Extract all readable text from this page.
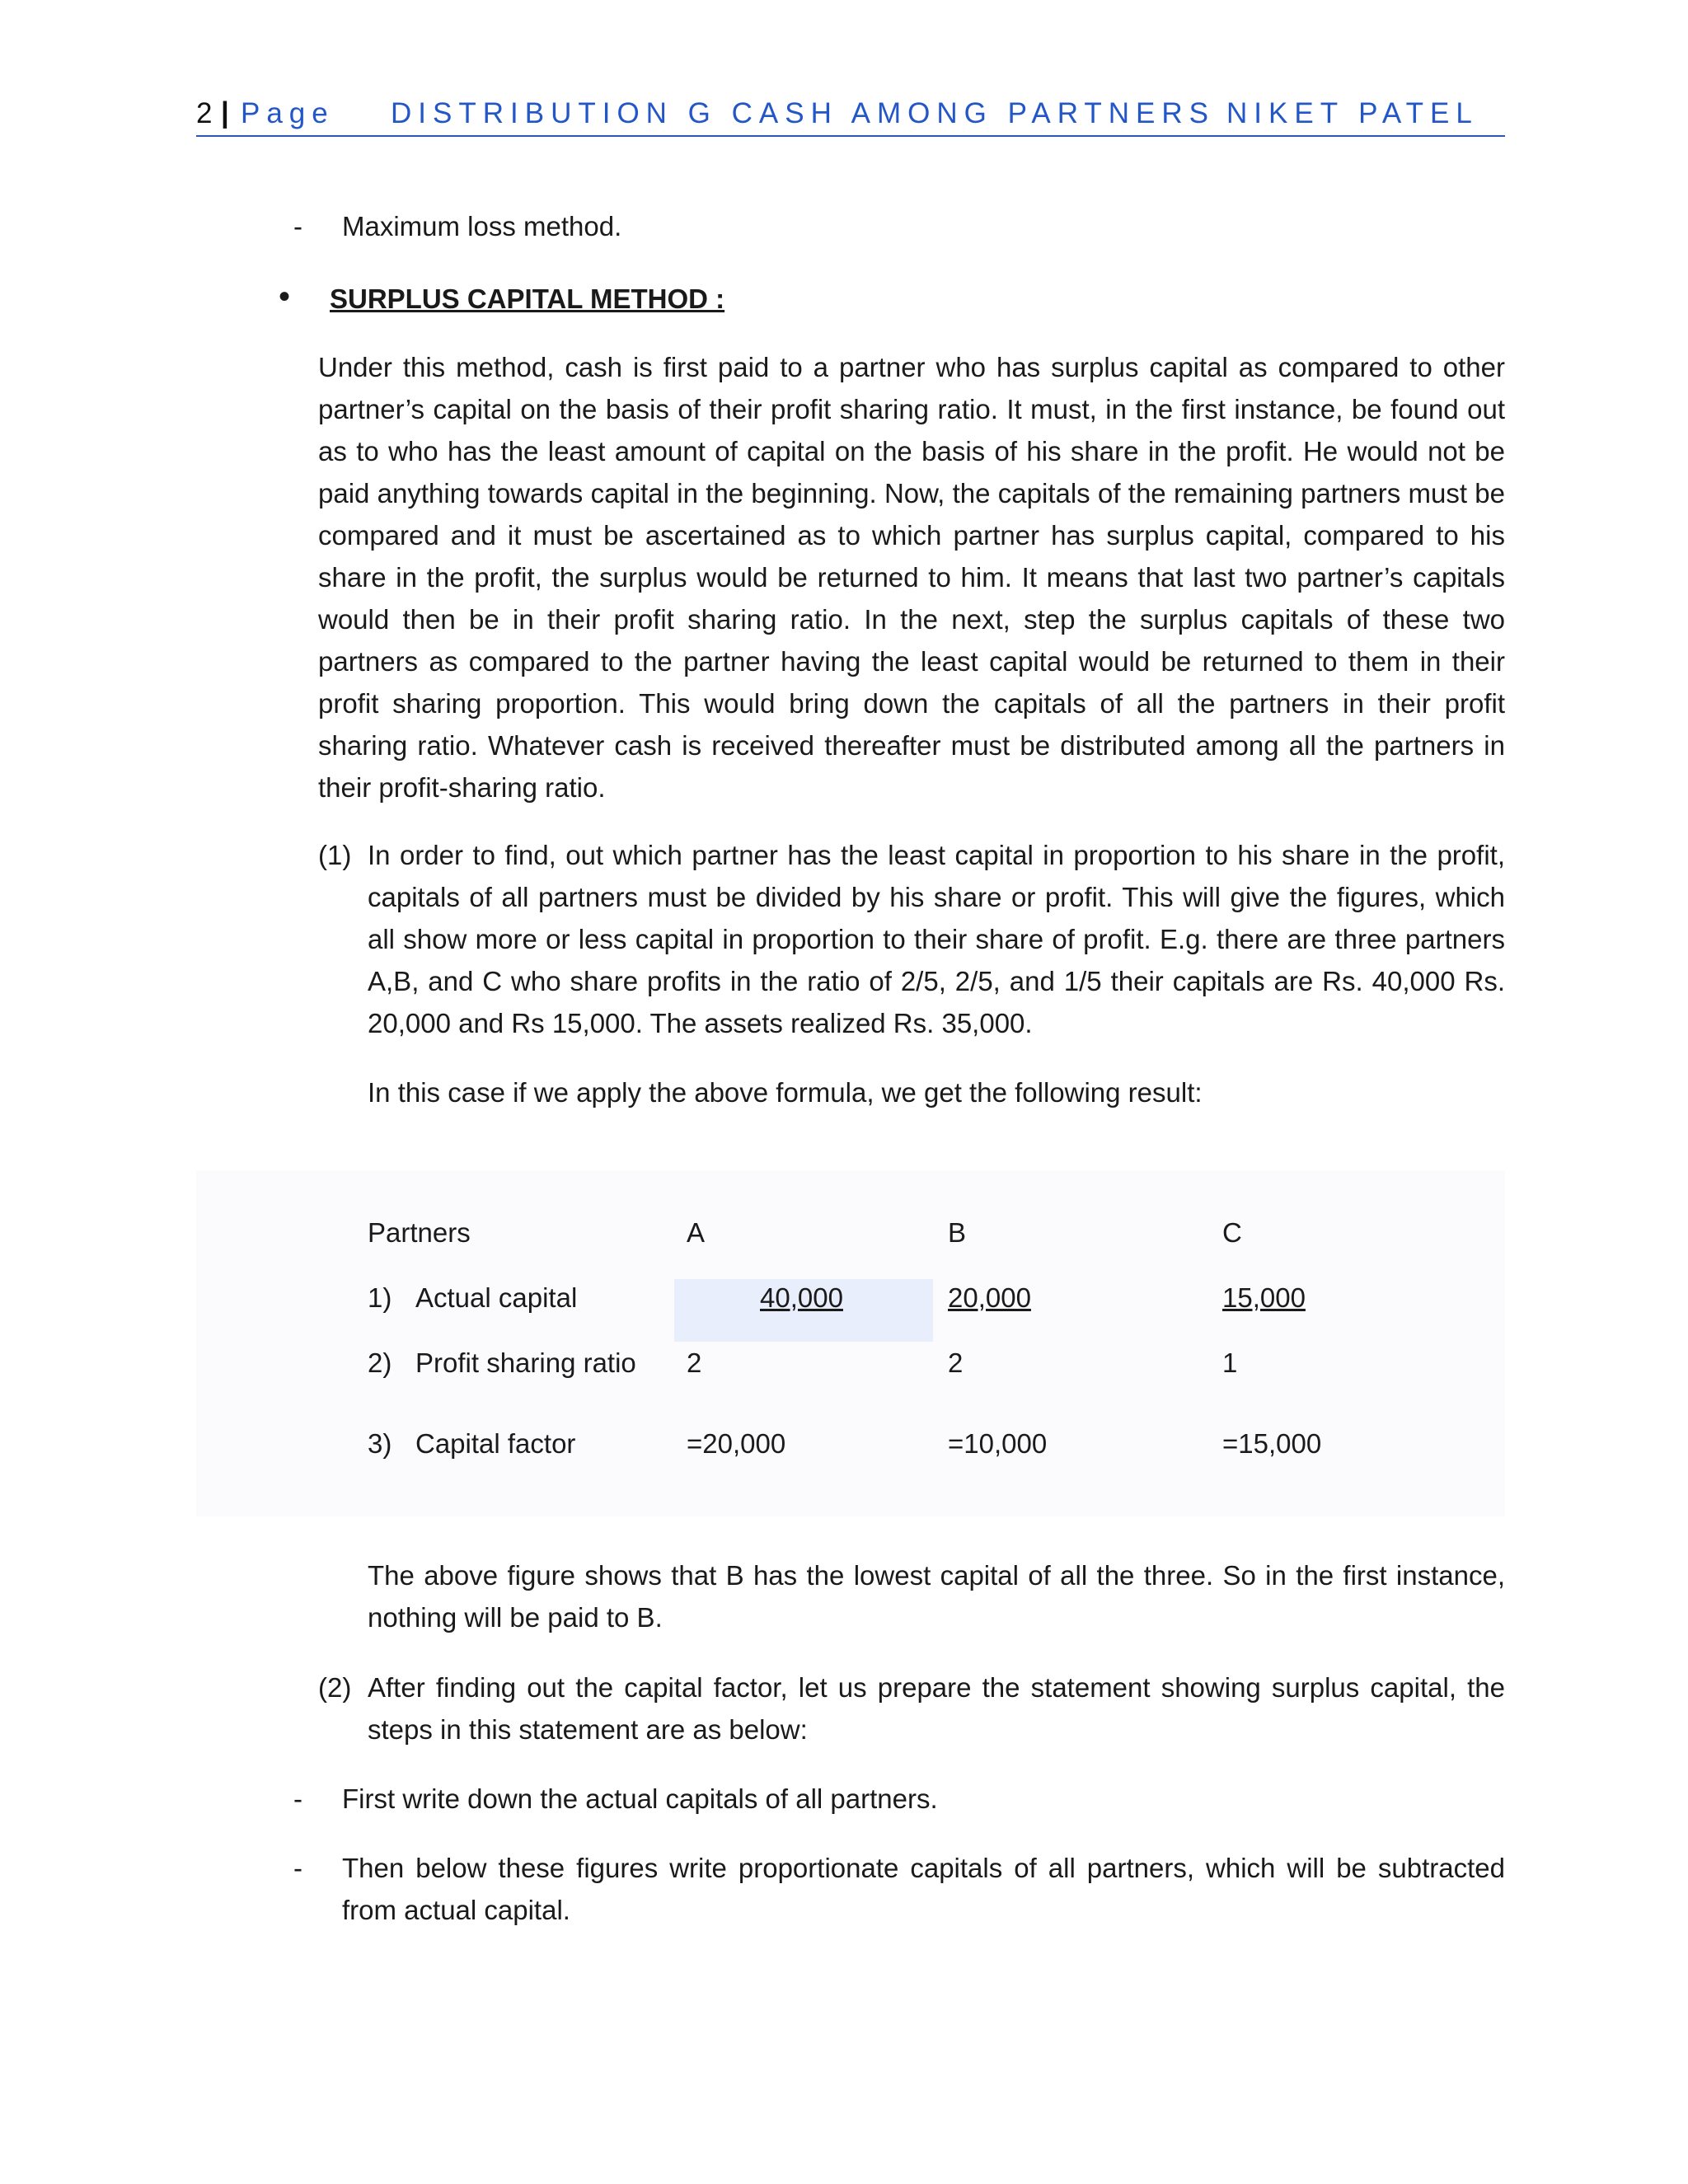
2 | Page DISTRIBUTION G CASH AMONG PARTNERS NIKET PATEL
- Maximum loss method.
• SURPLUS CAPITAL METHOD :
Under this method, cash is first paid to a partner who has surplus capital as compared to other partner’s capital on the basis of their profit sharing ratio. It must, in the first instance, be found out as to who has the least amount of capital on the basis of his share in the profit. He would not be paid anything towards capital in the beginning. Now, the capitals of the remaining partners must be compared and it must be ascertained as to which partner has surplus capital, compared to his share in the profit, the surplus would be returned to him. It means that last two partner’s capitals would then be in their profit sharing ratio. In the next, step the surplus capitals of these two partners as compared to the partner having the least capital would be returned to them in their profit sharing proportion. This would bring down the capitals of all the partners in their profit sharing ratio. Whatever cash is received thereafter must be distributed among all the partners in their profit-sharing ratio.
(1) In order to find, out which partner has the least capital in proportion to his share in the profit, capitals of all partners must be divided by his share or profit. This will give the figures, which all show more or less capital in proportion to their share of profit. E.g. there are three partners A,B, and C who share profits in the ratio of 2/5, 2/5, and 1/5 their capitals are Rs. 40,000 Rs. 20,000 and Rs 15,000. The assets realized Rs. 35,000.
In this case if we apply the above formula, we get the following result:
Partners	A	B	C
1) Actual capital	40,000	20,000	15,000
2) Profit sharing ratio 2	2	1
3) Capital factor	=20,000	=10,000	=15,000
The above figure shows that B has the lowest capital of all the three. So in the first instance, nothing will be paid to B.
(2) After finding out the capital factor, let us prepare the statement showing surplus capital, the steps in this statement are as below:
- First write down the actual capitals of all partners.
- Then below these figures write proportionate capitals of all partners, which will be subtracted from actual capital.
